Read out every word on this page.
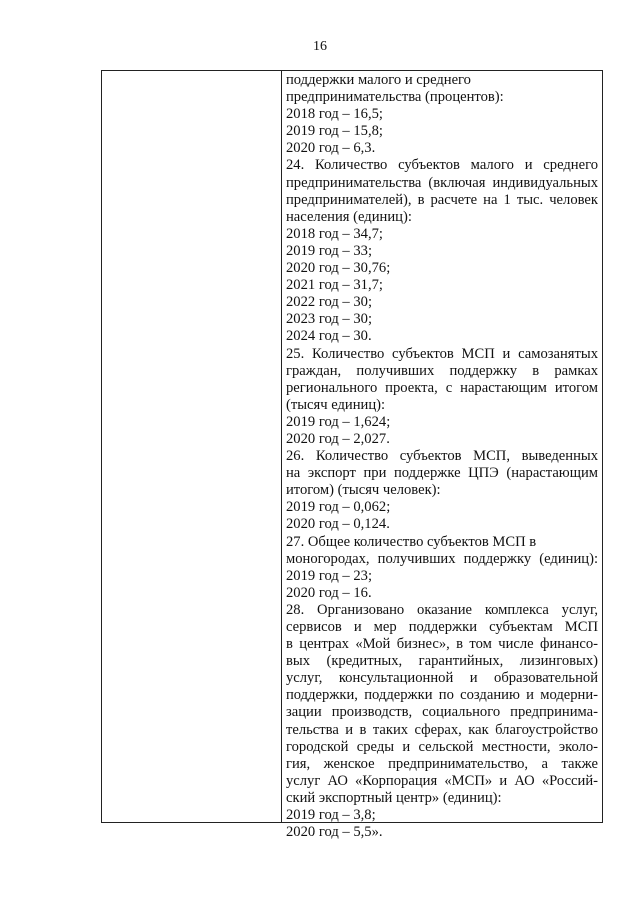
16
поддержки малого и среднего
предпринимательства (процентов):
2018 год – 16,5;
2019 год – 15,8;
2020 год – 6,3.
24. Количество субъектов малого и среднего
предпринимательства (включая индивидуальных
предпринимателей), в расчете на 1 тыс. человек
населения (единиц):
2018 год – 34,7;
2019 год – 33;
2020 год – 30,76;
2021 год – 31,7;
2022 год – 30;
2023 год – 30;
2024 год – 30.
25. Количество субъектов МСП и самозанятых
граждан, получивших поддержку в рамках
регионального проекта, с нарастающим итогом
(тысяч единиц):
2019 год – 1,624;
2020 год – 2,027.
26. Количество субъектов МСП, выведенных
на экспорт при поддержке ЦПЭ (нарастающим
итогом) (тысяч человек):
2019 год – 0,062;
2020 год – 0,124.
27. Общее количество субъектов МСП в
моногородах, получивших поддержку (единиц):
2019 год – 23;
2020 год – 16.
28. Организовано оказание комплекса услуг,
сервисов и мер поддержки субъектам МСП
в центрах «Мой бизнес», в том числе финансо-
вых (кредитных, гарантийных, лизинговых)
услуг, консультационной и образовательной
поддержки, поддержки по созданию и модерни-
зации производств, социального предпринима-
тельства и в таких сферах, как благоустройство
городской среды и сельской местности, эколо-
гия, женское предпринимательство, а также
услуг АО «Корпорация «МСП» и АО «Россий-
ский экспортный центр» (единиц):
2019 год – 3,8;
2020 год – 5,5».
